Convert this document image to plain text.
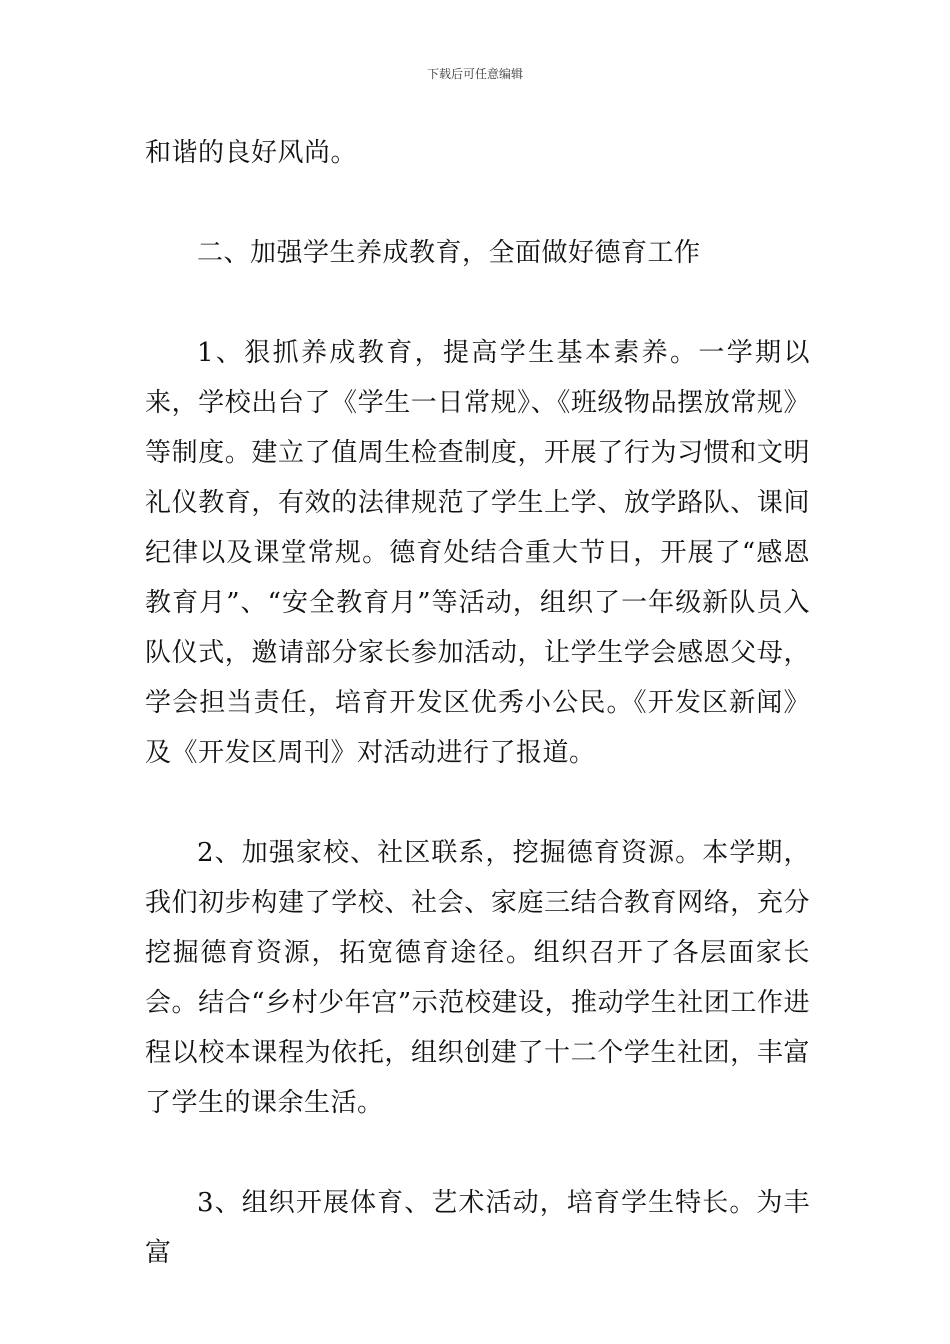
下载后可任意编辑

和谐的良好风尚。

二、加强学生养成教育，全面做好德育工作

1、狠抓养成教育，提高学生基本素养。一学期以来，学校出台了《学生一日常规》、《班级物品摆放常规》等制度。建立了值周生检查制度，开展了行为习惯和文明礼仪教育，有效的法律规范了学生上学、放学路队、课间纪律以及课堂常规。德育处结合重大节日，开展了“感恩教育月”、“安全教育月”等活动，组织了一年级新队员入队仪式，邀请部分家长参加活动，让学生学会感恩父母，学会担当责任，培育开发区优秀小公民。《开发区新闻》及《开发区周刊》对活动进行了报道。

2、加强家校、社区联系，挖掘德育资源。本学期，我们初步构建了学校、社会、家庭三结合教育网络，充分挖掘德育资源，拓宽德育途径。组织召开了各层面家长会。结合“乡村少年宫”示范校建设，推动学生社团工作进程以校本课程为依托，组织创建了十二个学生社团，丰富了学生的课余生活。

3、组织开展体育、艺术活动，培育学生特长。为丰富
